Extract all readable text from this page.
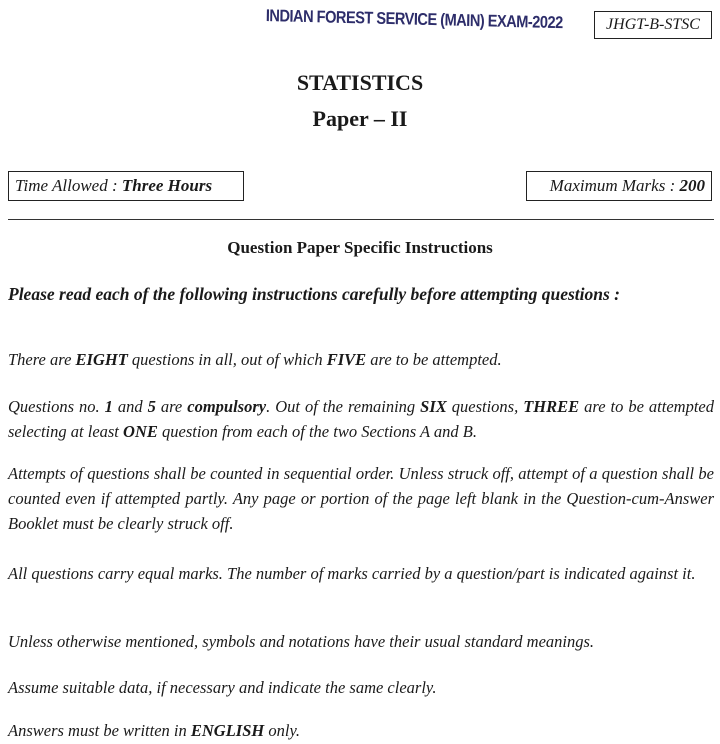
INDIAN FOREST SERVICE (MAIN) EXAM-2022	JHGT-B-STSC
STATISTICS
Paper – II
Time Allowed : Three Hours	Maximum Marks : 200
Question Paper Specific Instructions
Please read each of the following instructions carefully before attempting questions :
There are EIGHT questions in all, out of which FIVE are to be attempted.
Questions no. 1 and 5 are compulsory. Out of the remaining SIX questions, THREE are to be attempted selecting at least ONE question from each of the two Sections A and B.
Attempts of questions shall be counted in sequential order. Unless struck off, attempt of a question shall be counted even if attempted partly. Any page or portion of the page left blank in the Question-cum-Answer Booklet must be clearly struck off.
All questions carry equal marks. The number of marks carried by a question/part is indicated against it.
Unless otherwise mentioned, symbols and notations have their usual standard meanings.
Assume suitable data, if necessary and indicate the same clearly.
Answers must be written in ENGLISH only.
